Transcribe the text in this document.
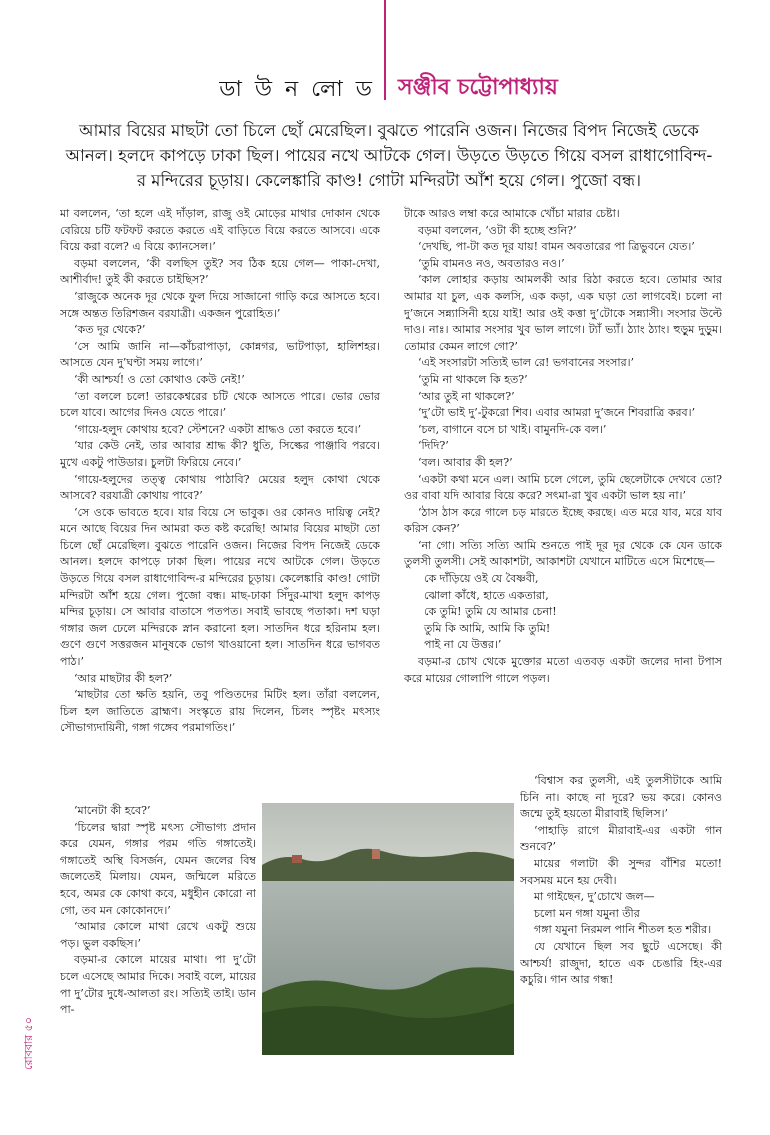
ডা উ ন লো ড সঞ্জীব চট্টোপাধ্যায়
আমার বিয়ের মাছটা তো চিলে ছোঁ মেরেছিল। বুঝতে পারেনি ওজন। নিজের বিপদ নিজেই ডেকে আনল। হলদে কাপড়ে ঢাকা ছিল। পায়ের নখে আটকে গেল। উড়তে উড়তে গিয়ে বসল রাধাগোবিন্দ-র মন্দিরের চূড়ায়। কেলেঙ্কারি কাণ্ড! গোটা মন্দিরটা আঁশ হয়ে গেল। পুজো বন্ধ।

মা বললেন, ‘তা হলে এই দাঁড়াল, রাজু ওই মোড়ের মাথার দোকান থেকে বেরিয়ে চটি ফটফট করতে করতে এই বাড়িতে বিয়ে করতে আসবে। একে বিয়ে করা বলে? এ বিয়ে ক্যানসেল।’

বড়মা বললেন, ‘কী বলছিস তুই? সব ঠিক হয়ে গেল— পাকা-দেখা, আশীর্বাদ! তুই কী করতে চাইছিস?’

‘রাজুকে অনেক দূর থেকে ফুল দিয়ে সাজানো গাড়ি করে আসতে হবে। সঙ্গে অন্তত তিরিশজন বরযাত্রী। একজন পুরোহিত।’

‘কত দূর থেকে?’

‘সে আমি জানি না—কাঁচরাপাড়া, কোন্নগর, ভাটপাড়া, হালিশহর। আসতে যেন দু’ঘণ্টা সময় লাগে।’

‘কী আশ্চর্য! ও তো কোথাও কেউ নেই!’

‘তা বললে চলে! তারকেশ্বরের চটি থেকে আসতে পারে। ভোর ভোর চলে যাবে। আগের দিনও যেতে পারে।’

‘গায়ে-হলুদ কোথায় হবে? স্টেশনে? একটা শ্রাদ্ধও তো করতে হবে।’

‘যার কেউ নেই, তার আবার শ্রাদ্ধ কী? ধুতি, সিল্কের পাঞ্জাবি পরবে। মুখে একটু পাউডার। চুলটা ফিরিয়ে নেবে।’

‘গায়ে-হলুদের তত্ত্ব কোথায় পাঠাবি? মেয়ের হলুদ কোথা থেকে আসবে? বরযাত্রী কোথায় পাবে?’

‘সে ওকে ভাবতে হবে। যার বিয়ে সে ভাবুক। ওর কোনও দায়িত্ব নেই? মনে আছে বিয়ের দিন আমরা কত কষ্ট করেছি! আমার বিয়ের মাছটা তো চিলে ছোঁ মেরেছিল। বুঝতে পারেনি ওজন। নিজের বিপদ নিজেই ডেকে আনল। হলদে কাপড়ে ঢাকা ছিল। পায়ের নখে আটকে গেল। উড়তে উড়তে গিয়ে বসল রাধাগোবিন্দ-র মন্দিরের চূড়ায়। কেলেঙ্কারি কাণ্ড! গোটা মন্দিরটা আঁশ হয়ে গেল। পুজো বন্ধ। মাছ-ঢাকা সিঁদুর-মাখা হলুদ কাপড় মন্দির চূড়ায়। সে আবার বাতাসে পতপত। সবাই ভাবছে পতাকা। দশ ঘড়া গঙ্গার জল ঢেলে মন্দিরকে স্নান করানো হল। সাতদিন ধরে হরিনাম হল। গুণে গুণে সত্তরজন মানুষকে ভোগ খাওয়ানো হল। সাতদিন ধরে ভাগবত পাঠ।’

‘আর মাছটার কী হল?’

‘মাছটার তো ক্ষতি হয়নি, তবু পণ্ডিতদের মিটিং হল। তাঁরা বললেন, চিল হল জাতিতে ব্রাহ্মণ। সংস্কৃতে রায় দিলেন, চিলং স্পৃষ্টং মৎস্যং সৌভাগ্যদায়িনী, গঙ্গা গঙ্গেব পরমাগতিং।’

‘মানেটা কী হবে?’

‘চিলের দ্বারা স্পৃষ্ট মৎস্য সৌভাগ্য প্রদান করে যেমন, গঙ্গার পরম গতি গঙ্গাতেই। গঙ্গাতেই অস্থি বিসর্জন, যেমন জলের বিম্ব জলেতেই মিলায়। যেমন, জন্মিলে মরিতে হবে, অমর কে কোথা কবে, মধুহীন কোরো না গো, তব মন কোকোনদে।’

‘আমার কোলে মাথা রেখে একটু শুয়ে পড়। ভুল বকছিস।’

বড়মা-র কোলে মায়ের মাথা। পা দু’টো চলে এসেছে আমার দিকে। সবাই বলে, মায়ের পা দু’টোর দুধে-আলতা রং। সত্যিই তাই। ডান পা-

টাকে আরও লম্বা করে আমাকে খোঁচা মারার চেষ্টা।

বড়মা বললেন, ‘ওটা কী হচ্ছে শুনি?’

‘দেখছি, পা-টা কত দূর যায়! বামন অবতারের পা ত্রিভুবনে যেত।’

‘তুমি বামনও নও, অবতারও নও।’

‘কাল লোহার কড়ায় আমলকী আর রিঠা করতে হবে। তোমার আর আমার যা চুল, এক কলসি, এক কড়া, এক ঘড়া তো লাগবেই। চলো না দু’জনে সন্ন্যাসিনী হয়ে যাই! আর ওই কত্তা দু’টোকে সন্ন্যাসী। সংসার উল্টে দাও। নাঃ। আমার সংসার খুব ভাল লাগে। ট্যাঁ ভ্যাঁ। ঠ্যাং ঠ্যাং। হুড়ুম দুড়ুম। তোমার কেমন লাগে গো?’

‘এই সংসারটা সত্যিই ভাল রে! ভগবানের সংসার।’

‘তুমি না থাকলে কি হত?’

‘আর তুই না থাকলে?’

‘দু’টো ভাই দু’-টুকরো শিব। এবার আমরা দু’জনে শিবরাত্রি করব।’

‘চল, বাগানে বসে চা খাই। বামুনদি-কে বল।’

‘দিদি?’

‘বল। আবার কী হল?’

‘একটা কথা মনে এল। আমি চলে গেলে, তুমি ছেলেটাকে দেখবে তো? ওর বাবা যদি আবার বিয়ে করে? সৎমা-রা খুব একটা ভাল হয় না।’

‘ঠাস ঠাস করে গালে চড় মারতে ইচ্ছে করছে। এত মরে যাব, মরে যাব করিস কেন?’

‘না গো। সত্যি সত্যি আমি শুনতে পাই দূর দূর থেকে কে যেন ডাকে তুলসী তুলসী। সেই আকাশটা, আকাশটা যেখানে মাটিতে এসে মিশেছে—

কে দাঁড়িয়ে ওই যে বৈষ্ণবী,

ঝোলা কাঁধে, হাতে একতারা,

কে তুমি! তুমি যে আমার চেনা!

তুমি কি আমি, আমি কি তুমি!

পাই না যে উত্তর।’

বড়মা-র চোখ থেকে মুক্তোর মতো এতবড় একটা জলের দানা টপাস করে মায়ের গোলাপি গালে পড়ল।

‘বিশ্বাস কর তুলসী, এই তুলসীটাকে আমি চিনি না। কাছে না দূরে? ভয় করে। কোনও জন্মে তুই হয়তো মীরাবাই ছিলিস।’

‘পাহাড়ি রাগে মীরাবাই-এর একটা গান শুনবে?’

মায়ের গলাটা কী সুন্দর বাঁশির মতো! সবসময় মনে হয় দেবী।

মা গাইছেন, দু’চোখে জল—

চলো মন গঙ্গা যমুনা তীর

গঙ্গা যমুনা নিরমল পানি শীতল হত শরীর।

যে যেখানে ছিল সব ছুটে এসেছে। কী আশ্চর্য! রাজুদা, হাতে এক চেঙারি হিং-এর কচুরি। গান আর গন্ধ!

রোববার ৫০
